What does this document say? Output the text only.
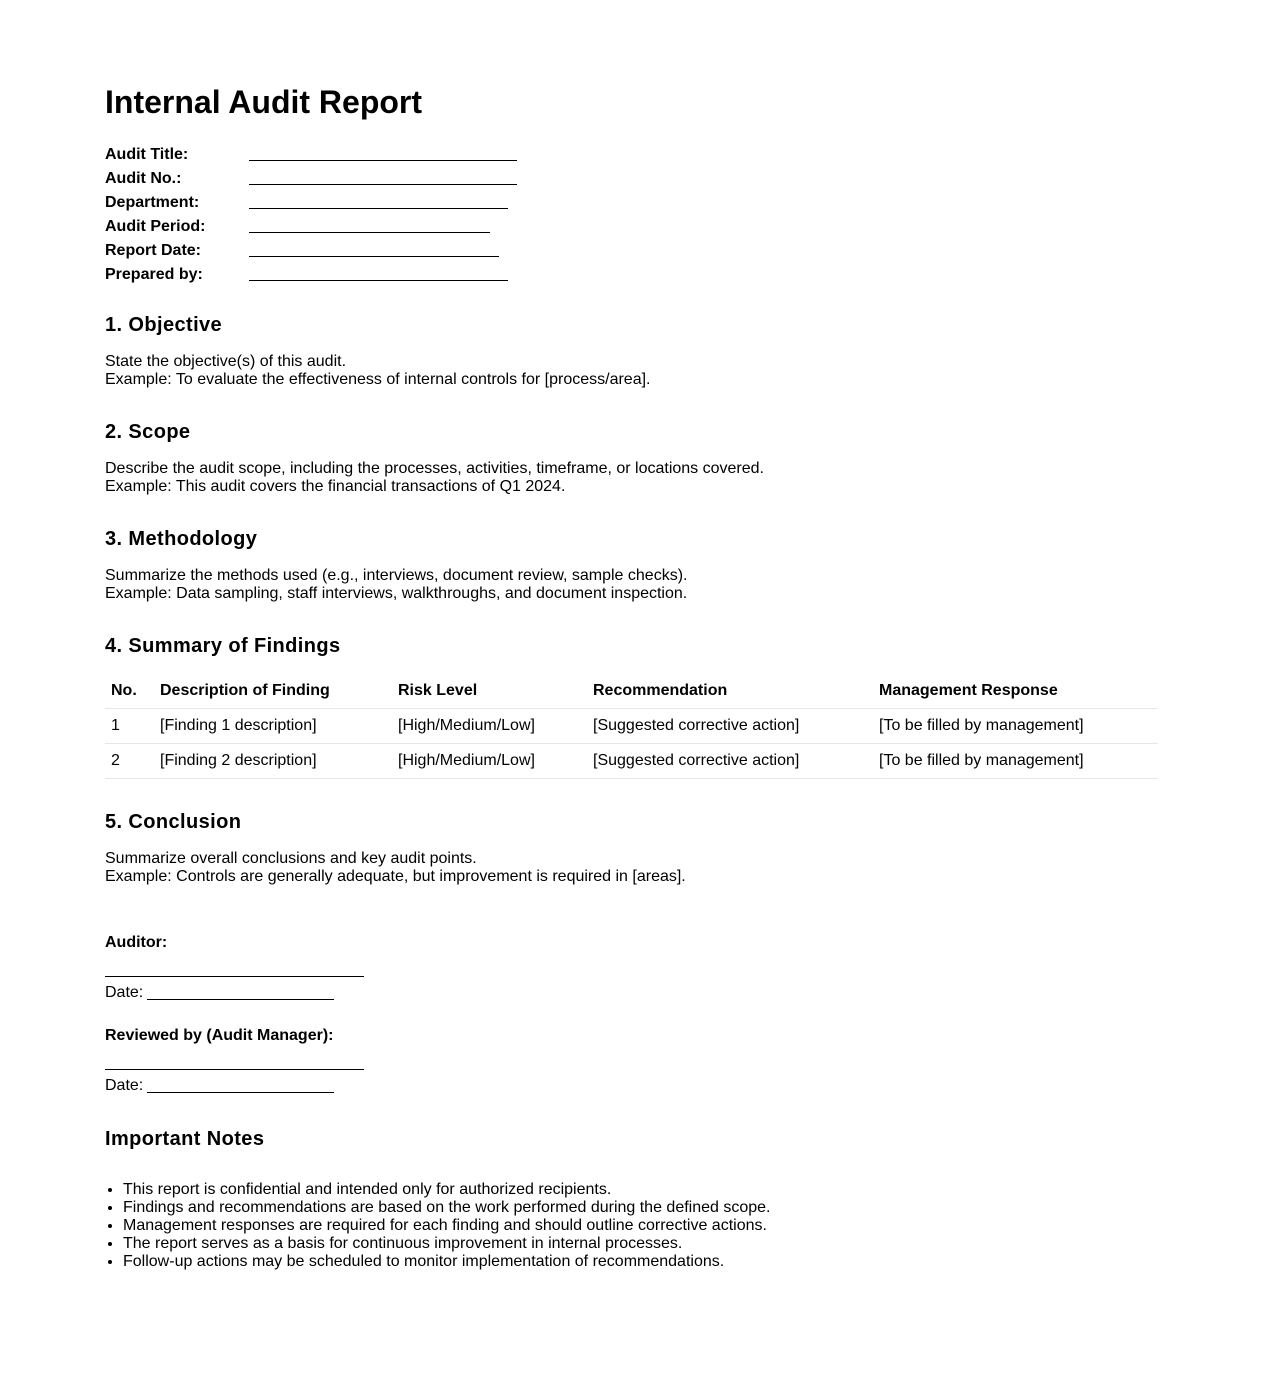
Internal Audit Report
Audit Title:
Audit No.:
Department:
Audit Period:
Report Date:
Prepared by:
1. Objective

State the objective(s) of this audit.

Example: To evaluate the effectiveness of internal controls for [process/area].

2. Scope

Describe the audit scope, including the processes, activities, timeframe, or locations covered.

Example: This audit covers the financial transactions of Q1 2024.

3. Methodology

Summarize the methods used (e.g., interviews, document review, sample checks).

Example: Data sampling, staff interviews, walkthroughs, and document inspection.

4. Summary of Findings
No.	Description of Finding	Risk Level	Recommendation	Management Response
1	[Finding 1 description]	[High/Medium/Low]	[Suggested corrective action]	[To be filled by management]
2	[Finding 2 description]	[High/Medium/Low]	[Suggested corrective action]	[To be filled by management]
5. Conclusion

Summarize overall conclusions and key audit points.

Example: Controls are generally adequate, but improvement is required in [areas].

Auditor:
Date:
Reviewed by (Audit Manager):
Date:
Important Notes
• This report is confidential and intended only for authorized recipients.
• Findings and recommendations are based on the work performed during the defined scope.
• Management responses are required for each finding and should outline corrective actions.
• The report serves as a basis for continuous improvement in internal processes.
• Follow-up actions may be scheduled to monitor implementation of recommendations.
